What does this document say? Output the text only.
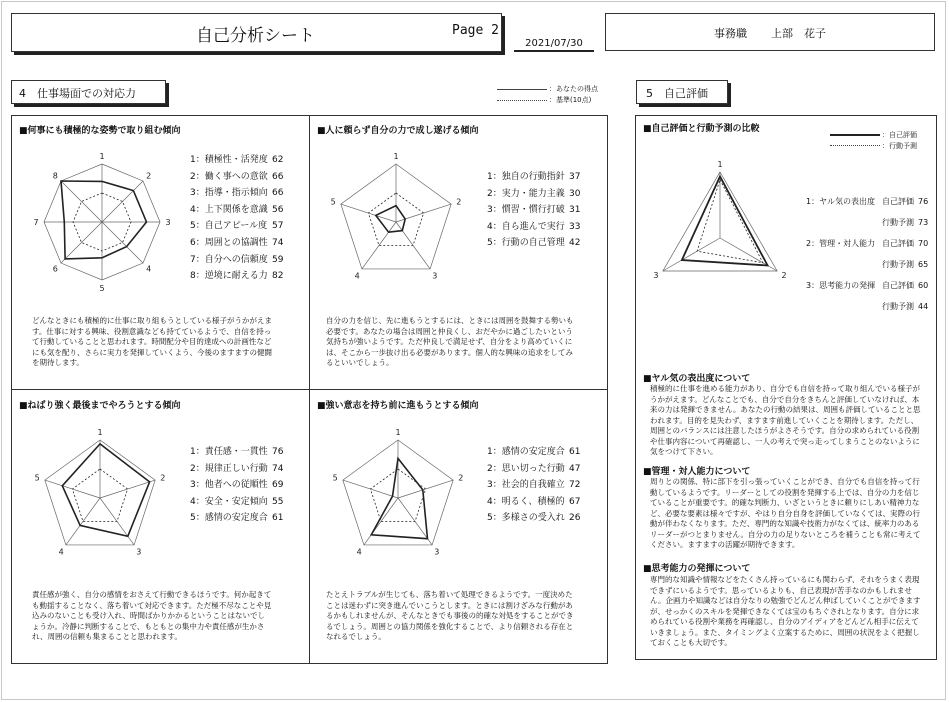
自己分析シート	Page 2
2021/07/30
事務職 上部　花子
4　仕事場面での対応力	：あなたの得点
：基準(10点)	5　自己評価
■何事にも積極的な姿勢で取り組む傾向
1
2
3
4
5
6
7
8
1：積極性・活発度 62
2：働く事への意欲 66
3：指導・指示傾向 66
4：上下関係を意識 56
5：自己アピール度 57
6：周囲との協調性 74
7：自分への信頼度 59
8：逆境に耐える力 82
どんなときにも積極的に仕事に取り組もうとしている様子がうかがえます。仕事に対する興味、役割意識なども持てているようで、自信を持って行動していることと思われます。時間配分や目的達成への計画性などにも気を配り、さらに実力を発揮していくよう、今後のますますの健闘を期待します。
■人に頼らず自分の力で成し遂げる傾向
1
2
3
4
5
1：独自の行動指針 37
2：実力・能力主義 30
3：慣習・慣行打破 31
4：自ら進んで実行 33
5：行動の自己管理 42
自分の力を信じ、先に進もうとするには、ときには周囲を鼓舞する勢いも必要です。あなたの場合は周囲と仲良くし、おだやかに過ごしたいという気持ちが強いようです。ただ仲良しで満足せず、自分をより高めていくには、そこから一歩抜け出る必要があります。個人的な興味の追求をしてみるといいでしょう。
■ねばり強く最後までやろうとする傾向
1
2
3
4
5
1：責任感・一貫性 76
2：規律正しい行動 74
3：他者への従順性 69
4：安全・安定傾向 55
5：感情の安定度合 61
責任感が強く、自分の感情をおさえて行動できるほうです。何か起きても動揺することなく、落ち着いて対応できます。ただ極不尽なことや見込みのないことも受け入れ、時間ばかりかかるということはないでしょうか。冷静に判断することで、もともとの集中力や責任感が生かされ、周囲の信頼も集まることと思われます。
■強い意志を持ち前に進もうとする傾向
1
2
3
4
5
1：感情の安定度合 61
2：思い切った行動 47
3：社会的自我確立 72
4：明るく、積極的 67
5：多様さの受入れ 26
たとえトラブルが生じても、落ち着いて処理できるようです。一度決めたことは迷わずに突き進んでいこうとします。ときには割けざみな行動があるかもしれませんが、そんなときでも事後の的確な対処をすることができるでしょう。周囲との協力関係を強化することで、より信頼される存在となれるでしょう。
■自己評価と行動予測の比較
：自己評価
：行動予測
1
2
3
1：ヤル気の表出度 自己評価 76
行動予測 73
2：管理・対人能力 自己評価 70
行動予測 65
3：思考能力の発揮 自己評価 60
行動予測 44
■ヤル気の表出度について
積極的に仕事を進める能力があり、自分でも自信を持って取り組んでいる様子がうかがえます。どんなことでも、自分で自分をきちんと評価していなければ、本来の力は発揮できません。あなたの行動の結果は、周囲も評価していることと思われます。目的を見失わず、ますます前進していくことを期待します。ただし、周囲とのバランスには注意したほうがよさそうです。自分の求められている役割や仕事内容について再確認し、一人の考えで突っ走ってしまうことのないように気をつけて下さい。
■管理・対人能力について
周りとの関係、特に部下を引っ張っていくことができ、自分でも自信を持って行動しているようです。リーダーとしての役割を発揮する上では、自分の力を信じていることが重要です。的確な判断力、いざというときに頼りにしあい精神力など、必要な要素は様々ですが、やはり自分自身を評価していなくては、実際の行動が伴わなくなります。ただ、専門的な知識や技術力がなくては、統率力のあるリーダーがつとまりません。自分の力の足りないところを補うことも常に考えてください。ますますの活躍が期待できます。
■思考能力の発揮について
専門的な知識や情報などをたくさん持っているにも関わらず、それをうまく表現できずにいるようです。思っているよりも、自己表現が苦手なのかもしれません。企画力や知識などは自分なりの勉強でどんどん伸ばしていくことができますが、せっかくのスキルを発揮できなくては宝のもちぐされとなります。自分に求められている役割や業務を再確認し、自分のアイディアをどんどん相手に伝えていきましょう。また、タイミングよく立案するために、周囲の状況をよく把握しておくことも大切です。
